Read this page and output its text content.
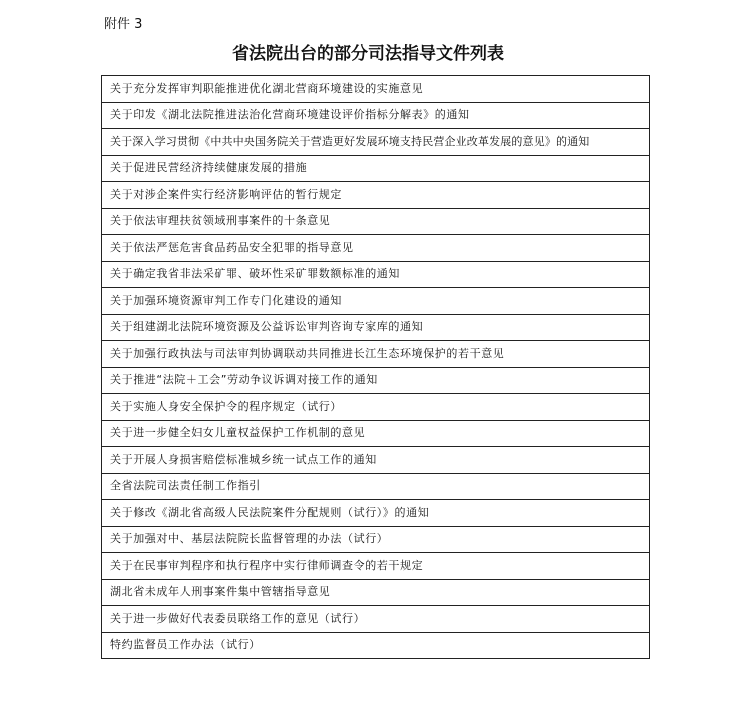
附件 3
省法院出台的部分司法指导文件列表
关于充分发挥审判职能推进优化湖北营商环境建设的实施意见
关于印发《湖北法院推进法治化营商环境建设评价指标分解表》的通知
关于深入学习贯彻《中共中央国务院关于营造更好发展环境支持民营企业改革发展的意见》的通知
关于促进民营经济持续健康发展的措施
关于对涉企案件实行经济影响评估的暂行规定
关于依法审理扶贫领域刑事案件的十条意见
关于依法严惩危害食品药品安全犯罪的指导意见
关于确定我省非法采矿罪、破坏性采矿罪数额标准的通知
关于加强环境资源审判工作专门化建设的通知
关于组建湖北法院环境资源及公益诉讼审判咨询专家库的通知
关于加强行政执法与司法审判协调联动共同推进长江生态环境保护的若干意见
关于推进“法院＋工会”劳动争议诉调对接工作的通知
关于实施人身安全保护令的程序规定（试行）
关于进一步健全妇女儿童权益保护工作机制的意见
关于开展人身损害赔偿标准城乡统一试点工作的通知
全省法院司法责任制工作指引
关于修改《湖北省高级人民法院案件分配规则（试行）》的通知
关于加强对中、基层法院院长监督管理的办法（试行）
关于在民事审判程序和执行程序中实行律师调查令的若干规定
湖北省未成年人刑事案件集中管辖指导意见
关于进一步做好代表委员联络工作的意见（试行）
特约监督员工作办法（试行）
